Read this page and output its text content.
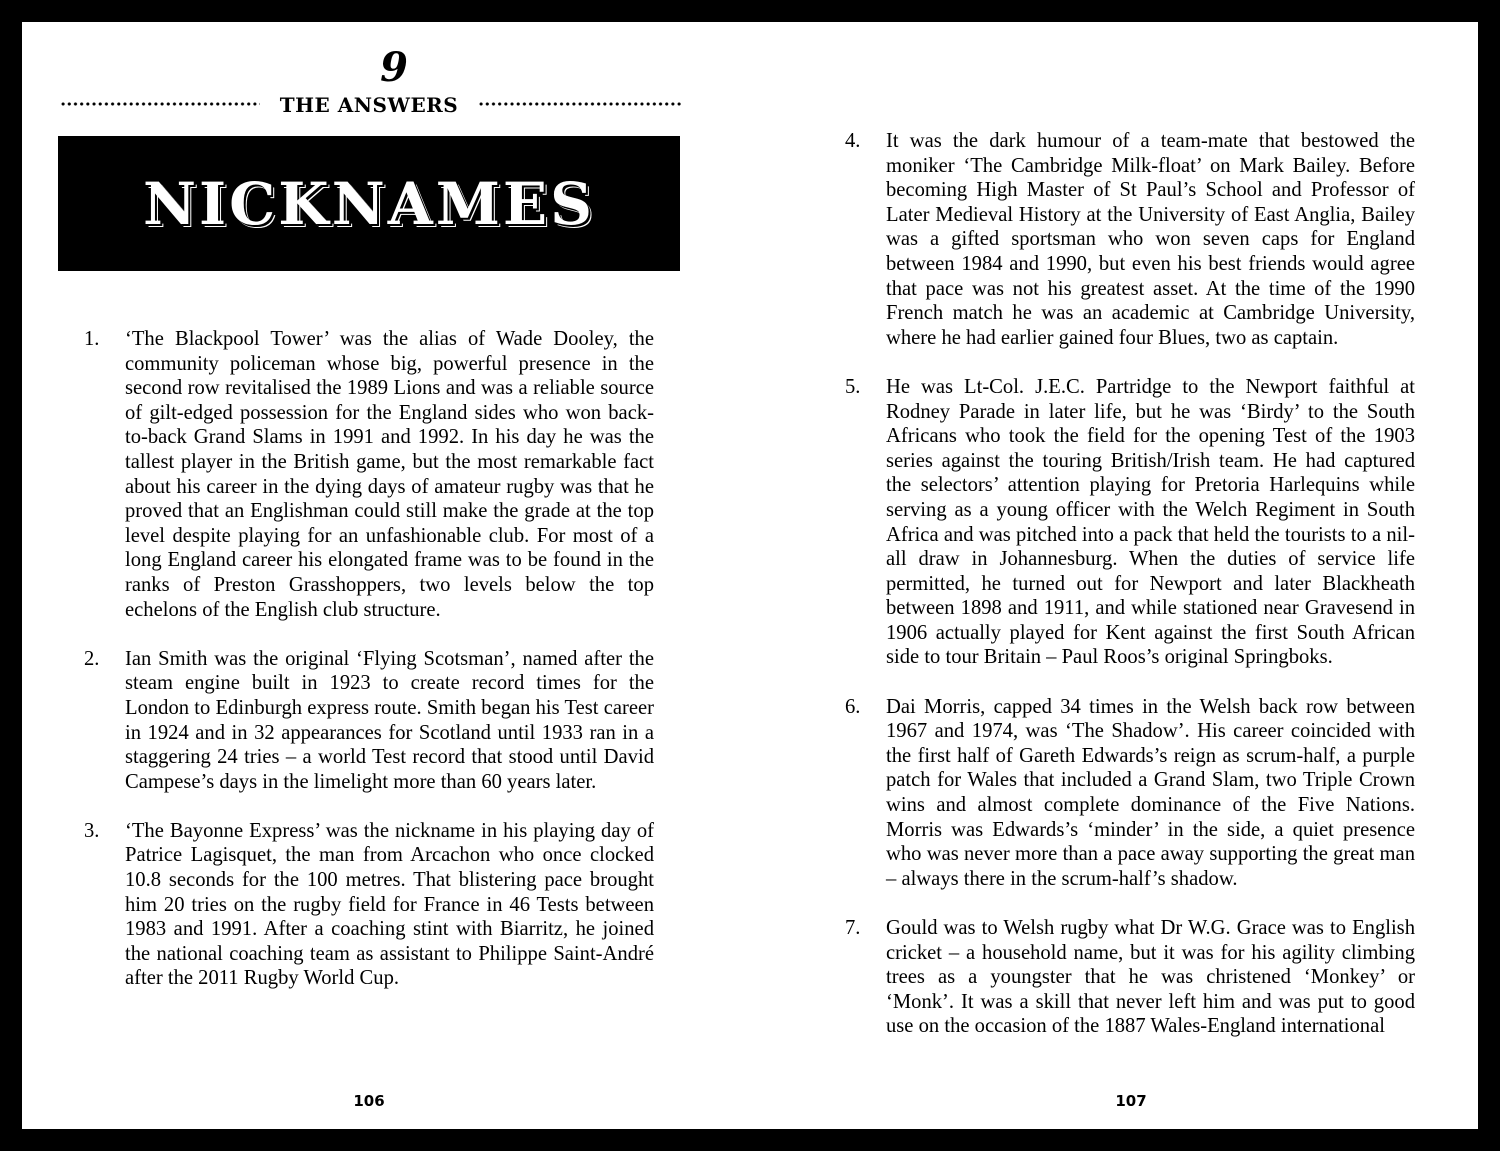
9
THE ANSWERS
NICKNAMES
1.	‘The Blackpool Tower’ was the alias of Wade Dooley, the community policeman whose big, powerful presence in the second row revitalised the 1989 Lions and was a reliable source of gilt-edged possession for the England sides who won back-to-back Grand Slams in 1991 and 1992. In his day he was the tallest player in the British game, but the most remarkable fact about his career in the dying days of amateur rugby was that he proved that an Englishman could still make the grade at the top level despite playing for an unfashionable club. For most of a long England career his elongated frame was to be found in the ranks of Preston Grasshoppers, two levels below the top echelons of the English club structure.
2.	Ian Smith was the original ‘Flying Scotsman’, named after the steam engine built in 1923 to create record times for the London to Edinburgh express route. Smith began his Test career in 1924 and in 32 appearances for Scotland until 1933 ran in a staggering 24 tries – a world Test record that stood until David Campese’s days in the limelight more than 60 years later.
3.	‘The Bayonne Express’ was the nickname in his playing day of Patrice Lagisquet, the man from Arcachon who once clocked 10.8 seconds for the 100 metres. That blistering pace brought him 20 tries on the rugby field for France in 46 Tests between 1983 and 1991. After a coaching stint with Biarritz, he joined the national coaching team as assistant to Philippe Saint-André after the 2011 Rugby World Cup.
4.	It was the dark humour of a team-mate that bestowed the moniker ‘The Cambridge Milk-float’ on Mark Bailey. Before becoming High Master of St Paul’s School and Professor of Later Medieval History at the University of East Anglia, Bailey was a gifted sportsman who won seven caps for England between 1984 and 1990, but even his best friends would agree that pace was not his greatest asset. At the time of the 1990 French match he was an academic at Cambridge University, where he had earlier gained four Blues, two as captain.
5.	He was Lt-Col. J.E.C. Partridge to the Newport faithful at Rodney Parade in later life, but he was ‘Birdy’ to the South Africans who took the field for the opening Test of the 1903 series against the touring British/Irish team. He had captured the selectors’ attention playing for Pretoria Harlequins while serving as a young officer with the Welch Regiment in South Africa and was pitched into a pack that held the tourists to a nil-all draw in Johannesburg. When the duties of service life permitted, he turned out for Newport and later Blackheath between 1898 and 1911, and while stationed near Gravesend in 1906 actually played for Kent against the first South African side to tour Britain – Paul Roos’s original Springboks.
6.	Dai Morris, capped 34 times in the Welsh back row between 1967 and 1974, was ‘The Shadow’. His career coincided with the first half of Gareth Edwards’s reign as scrum-half, a purple patch for Wales that included a Grand Slam, two Triple Crown wins and almost complete dominance of the Five Nations. Morris was Edwards’s ‘minder’ in the side, a quiet presence who was never more than a pace away supporting the great man – always there in the scrum-half’s shadow.
7.	Gould was to Welsh rugby what Dr W.G. Grace was to English cricket – a household name, but it was for his agility climbing trees as a youngster that he was christened ‘Monkey’ or ‘Monk’. It was a skill that never left him and was put to good use on the occasion of the 1887 Wales-England international
106	107
